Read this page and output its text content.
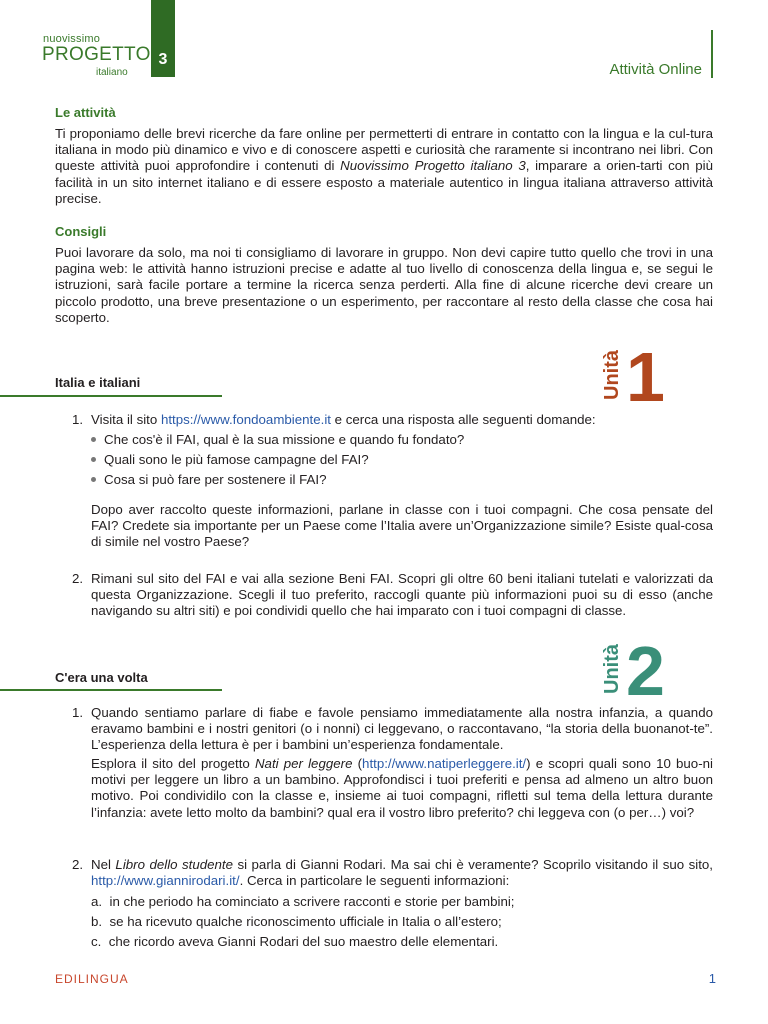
nuovissimo
PROGETTO
italiano
3
Attività Online
Le attività
Ti proponiamo delle brevi ricerche da fare online per permetterti di entrare in contatto con la lingua e la cul-tura italiana in modo più dinamico e vivo e di conoscere aspetti e curiosità che raramente si incontrano nei libri. Con queste attività puoi approfondire i contenuti di Nuovissimo Progetto italiano 3, imparare a orien-tarti con più facilità in un sito internet italiano e di essere esposto a materiale autentico in lingua italiana attraverso attività precise.
Consigli
Puoi lavorare da solo, ma noi ti consigliamo di lavorare in gruppo. Non devi capire tutto quello che trovi in una pagina web: le attività hanno istruzioni precise e adatte al tuo livello di conoscenza della lingua e, se segui le istruzioni, sarà facile portare a termine la ricerca senza perderti. Alla fine di alcune ricerche devi creare un piccolo prodotto, una breve presentazione o un esperimento, per raccontare al resto della classe che cosa hai scoperto.
Unità 1
Italia e italiani
1. Visita il sito https://www.fondoambiente.it e cerca una risposta alle seguenti domande:
Che cos'è il FAI, qual è la sua missione e quando fu fondato?
Quali sono le più famose campagne del FAI?
Cosa si può fare per sostenere il FAI?
Dopo aver raccolto queste informazioni, parlane in classe con i tuoi compagni. Che cosa pensate del FAI? Credete sia importante per un Paese come l’Italia avere un’Organizzazione simile? Esiste qual-cosa di simile nel vostro Paese?
2. Rimani sul sito del FAI e vai alla sezione Beni FAI. Scopri gli oltre 60 beni italiani tutelati e valorizzati da questa Organizzazione. Scegli il tuo preferito, raccogli quante più informazioni puoi su di esso (anche navigando su altri siti) e poi condividi quello che hai imparato con i tuoi compagni di classe.
Unità 2
C'era una volta
1. Quando sentiamo parlare di fiabe e favole pensiamo immediatamente alla nostra infanzia, a quando eravamo bambini e i nostri genitori (o i nonni) ci leggevano, o raccontavano, “la storia della buonanot-te”. L’esperienza della lettura è per i bambini un’esperienza fondamentale.
Esplora il sito del progetto Nati per leggere (http://www.natiperleggere.it/) e scopri quali sono 10 buo-ni motivi per leggere un libro a un bambino. Approfondisci i tuoi preferiti e pensa ad almeno un altro buon motivo. Poi condividilo con la classe e, insieme ai tuoi compagni, rifletti sul tema della lettura durante l’infanzia: avete letto molto da bambini? qual era il vostro libro preferito? chi leggeva con (o per…) voi?
2. Nel Libro dello studente si parla di Gianni Rodari. Ma sai chi è veramente? Scoprilo visitando il suo sito, http://www.giannirodari.it/. Cerca in particolare le seguenti informazioni:
a. in che periodo ha cominciato a scrivere racconti e storie per bambini;
b. se ha ricevuto qualche riconoscimento ufficiale in Italia o all’estero;
c. che ricordo aveva Gianni Rodari del suo maestro delle elementari.
EDILINGUA	1
